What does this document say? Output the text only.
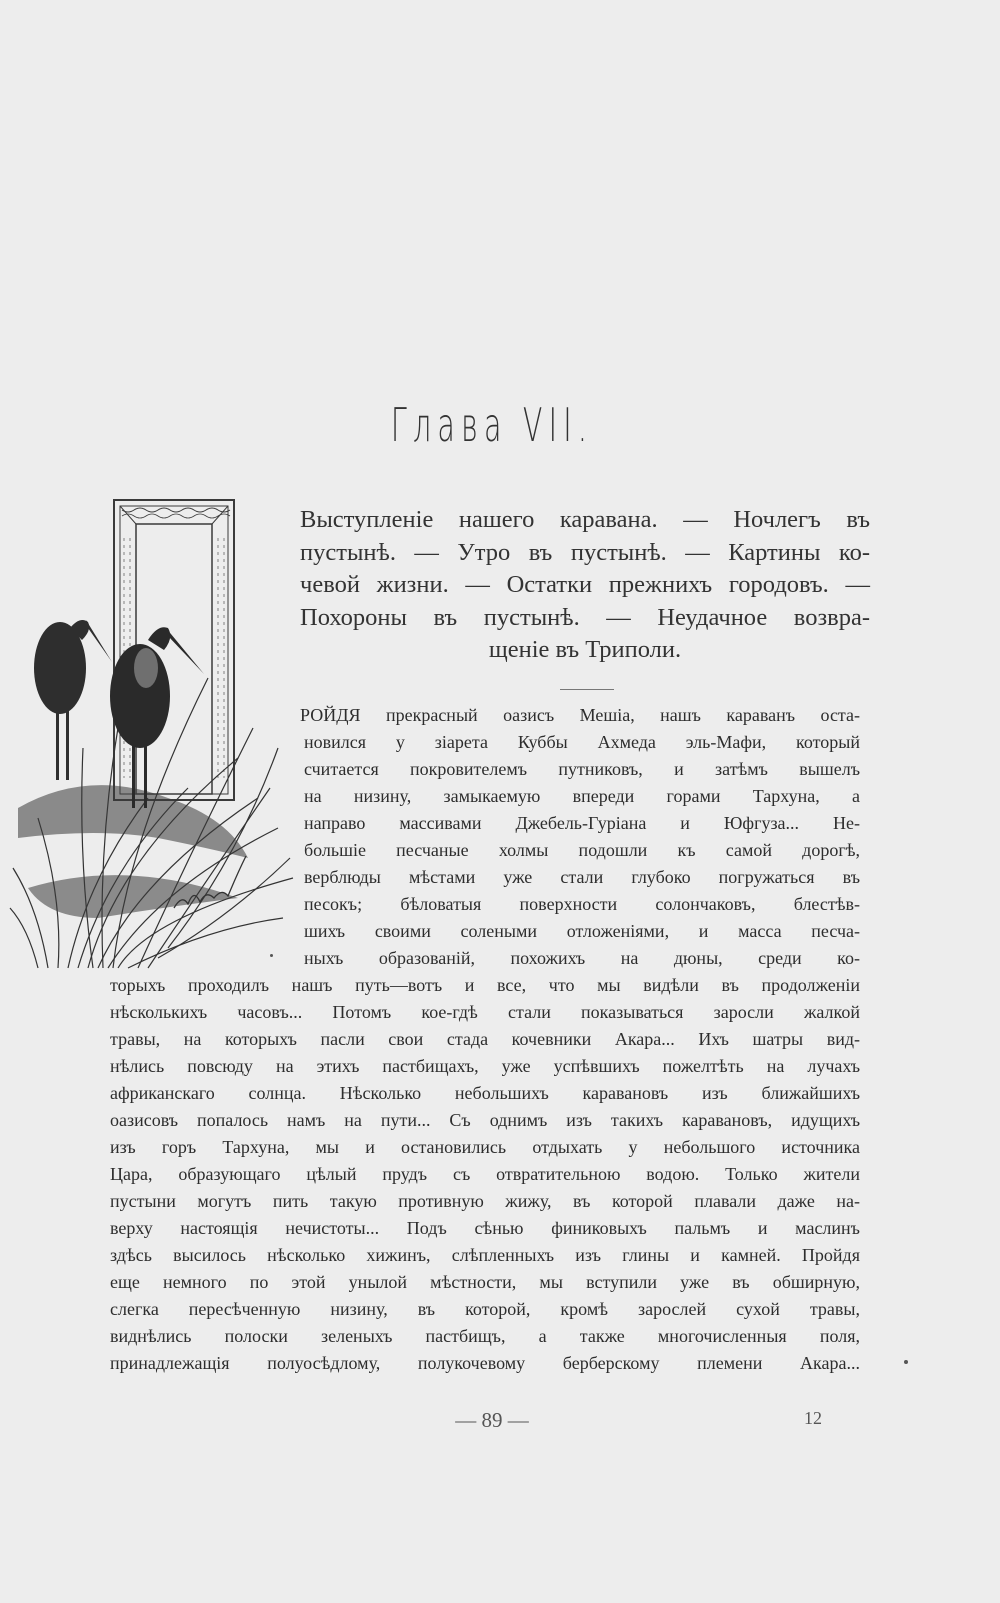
Глава VII.
Выступленіе нашего каравана. — Ночлегъ въ
пустынѣ. — Утро въ пустынѣ. — Картины ко-
чевой жизни. — Остатки прежнихъ городовъ. —
Похороны въ пустынѣ. — Неудачное возвра-
щеніе въ Триполи.
РОЙДЯ прекрасный оазисъ Мешіа, нашъ караванъ оста-
новился у зіарета Куббы Ахмеда эль-Мафи, который
считается покровителемъ путниковъ, и затѣмъ вышелъ
на низину, замыкаемую впереди горами Тархуна, а
направо массивами Джебель-Гуріана и Юфгуза... Не-
большіе песчаные холмы подошли къ самой дорогѣ,
верблюды мѣстами уже стали глубоко погружаться въ
песокъ; бѣловатыя поверхности солончаковъ, блестѣв-
шихъ своими солеными отложеніями, и масса песча-
ныхъ образованій, похожихъ на дюны, среди ко-
торыхъ проходилъ нашъ путь—вотъ и все, что мы видѣли въ продолженіи
нѣсколькихъ часовъ... Потомъ кое-гдѣ стали показываться заросли жалкой
травы, на которыхъ пасли свои стада кочевники Акара... Ихъ шатры вид-
нѣлись повсюду на этихъ пастбищахъ, уже успѣвшихъ пожелтѣть на лучахъ
африканскаго солнца. Нѣсколько небольшихъ каравановъ изъ ближайшихъ
оазисовъ попалось намъ на пути... Съ однимъ изъ такихъ каравановъ, идущихъ
изъ горъ Тархуна, мы и остановились отдыхать у небольшого источника
Цара, образующаго цѣлый прудъ съ отвратительною водою. Только жители
пустыни могутъ пить такую противную жижу, въ которой плавали даже на-
верху настоящія нечистоты... Подъ сѣнью финиковыхъ пальмъ и маслинъ
здѣсь высилось нѣсколько хижинъ, слѣпленныхъ изъ глины и камней. Пройдя
еще немного по этой унылой мѣстности, мы вступили уже въ обширную,
слегка пересѣченную низину, въ которой, кромѣ зарослей сухой травы,
виднѣлись полоски зеленыхъ пастбищъ, а также многочисленныя поля,
принадлежащія полуосѣдлому, полукочевому берберскому племени Акара...
— 89 —	12
